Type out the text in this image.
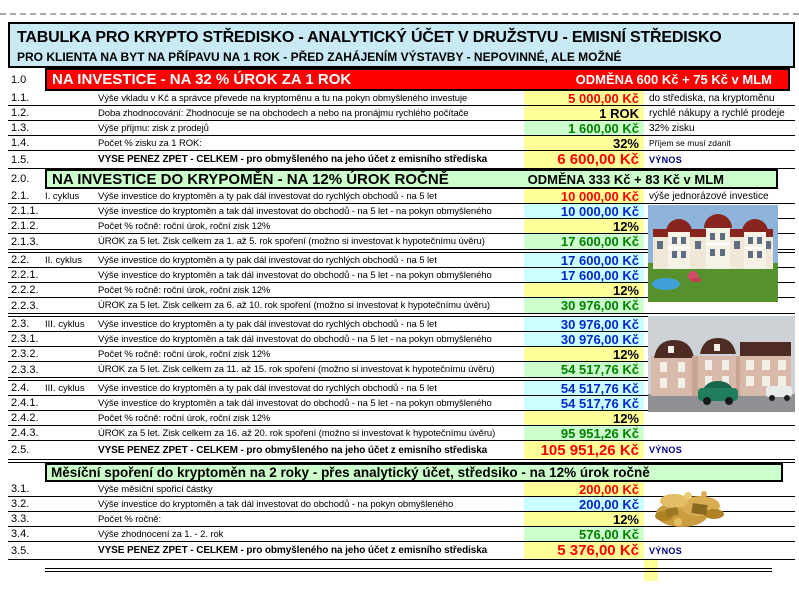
TABULKA PRO KRYPTO STŘEDISKO - ANALYTICKÝ ÚČET V DRUŽSTVU - EMISNÍ STŘEDISKO
PRO KLIENTA NA BYT NA PŘÍPAVU NA 1 ROK - PŘED ZAHÁJENÍM VÝSTAVBY - NEPOVINNÉ, ALE MOŽNÉ
1.0	NA INVESTICE - NA 32 % ÚROK ZA 1 ROK	ODMĚNA 600 Kč + 75 Kč v MLM
1.1.	Výše vkladu v Kč a správce převede na kryptoměnu a tu na pokyn obmyšleného investuje	5 000,00 Kč	do střediska, na kryptoměnu
1.2.	Doba zhodnocování: Zhodnocuje se na obchodech a nebo na pronájmu rychlého počítače	1 ROK	rychlé nákupy a rychlé prodeje
1.3.	Výše příjmu: zisk z prodejů	1 600,00 Kč	32% zisku
1.4.	Počet % zisku za 1 ROK:	32%	Příjem se musí zdanit
1.5.	VÝŠE PENĚZ ZPĚT - CELKEM - pro obmyšleného na jeho účet z emisního střediska	6 600,00 Kč	VÝNOS
2.0.	NA INVESTICE DO KRYPOMĚN - NA 12% ÚROK ROČNĚ	ODMĚNA 333 Kč + 83 Kč v MLM
2.1.	I. cyklus	Výše investice do kryptoměn a ty pak dál investovat do rychlých obchodů - na 5 let	10 000,00 Kč	výše jednorázové investice
2.1.1.	Výše investice do kryptoměn a tak dál investovat do obchodů - na 5 let - na pokyn obmyšleného	10 000,00 Kč
2.1.2.	Počet % ročně: roční úrok, roční zisk 12%	12%
2.1.3.	ÚROK za 5 let. Zisk celkem za 1. až 5. rok spoření (možno si investovat k hypotečnímu úvěru)	17 600,00 Kč
2.2.	II. cyklus	Výše investice do kryptoměn a ty pak dál investovat do rychlých obchodů - na 5 let	17 600,00 Kč
2.2.1.	Výše investice do kryptoměn a tak dál investovat do obchodů - na 5 let - na pokyn obmyšleného	17 600,00 Kč
2.2.2.	Počet % ročně: roční úrok, roční zisk 12%	12%
2.2.3.	ÚROK za 5 let. Zisk celkem za 6. až 10. rok spoření (možno si investovat k hypotečnímu úvěru)	30 976,00 Kč
2.3.	III. cyklus	Výše investice do kryptoměn a ty pak dál investovat do rychlých obchodů - na 5 let	30 976,00 Kč
2.3.1.	Výše investice do kryptoměn a tak dál investovat do obchodů - na 5 let - na pokyn obmyšleného	30 976,00 Kč
2.3.2.	Počet % ročně: roční úrok, roční zisk 12%	12%
2.3.3.	ÚROK za 5 let. Zisk celkem za 11. až 15. rok spoření (možno si investovat k hypotečnímu úvěru)	54 517,76 Kč
2.4.	III. cyklus	Výše investice do kryptoměn a ty pak dál investovat do rychlých obchodů - na 5 let	54 517,76 Kč
2.4.1.	Výše investice do kryptoměn a tak dál investovat do obchodů - na 5 let - na pokyn obmyšleného	54 517,76 Kč
2.4.2.	Počet % ročně: roční úrok, roční zisk 12%	12%
2.4.3.	ÚROK za 5 let. Zisk celkem za 16. až 20. rok spoření (možno si investovat k hypotečnímu úvěru)	95 951,26 Kč
2.5.	VÝŠE PENĚZ ZPĚT - CELKEM - pro obmyšleného na jeho účet z emisního střediska	105 951,26 Kč	VÝNOS
Měsíční spoření do kryptoměn na 2 roky - přes analytický účet, středsiko - na 12% úrok ročně
3.1.	Výše měsíční spořicí částky	200,00 Kč
3.2.	Výše investice do kryptoměn a tak dál investovat do obchodů - na pokyn obmyšleného	200,00 Kč
3.3.	Počet % ročně:	12%
3.4.	Výše zhodnocení za 1. - 2. rok	576,00 Kč
3.5.	VÝŠE PENĚZ ZPĚT - CELKEM - pro obmyšleného na jeho účet z emisního střediska	5 376,00 Kč	VÝNOS
